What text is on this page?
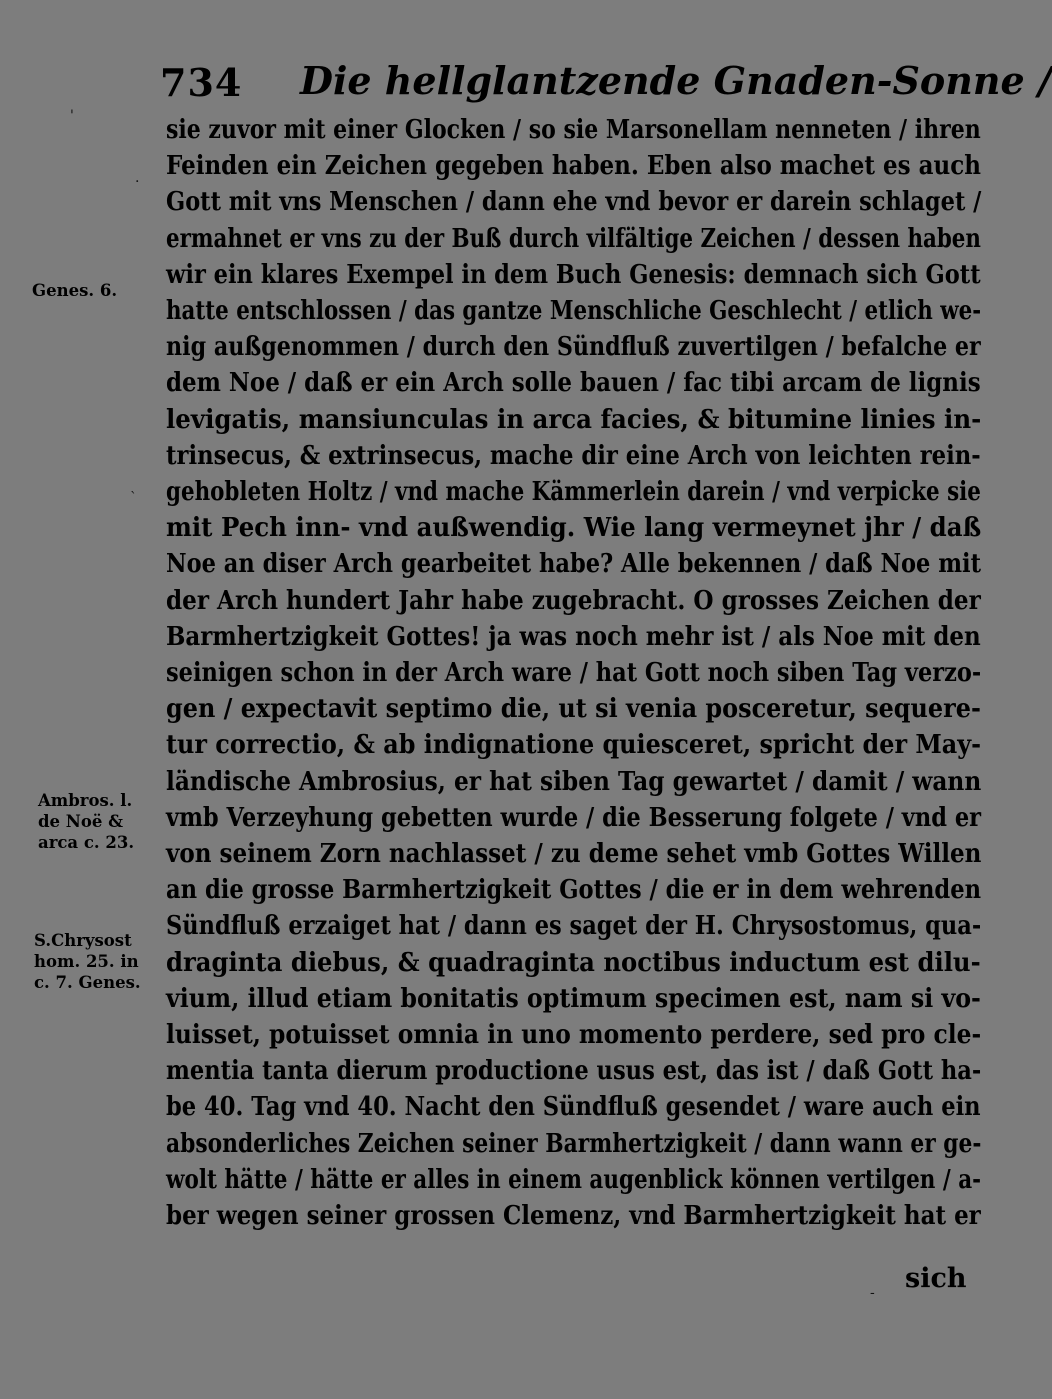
734 Die hellglantzende Gnaden-Sonne /
Genes. 6.
Ambros. l.
de Noë &
arca c. 23.
S.Chrysost
hom. 25. in
c. 7. Genes.
sie zuvor mit einer Glocken / so sie Marsonellam nenneten / ihren
Feinden ein Zeichen gegeben haben. Eben also machet es auch
Gott mit vns Menschen / dann ehe vnd bevor er darein schlaget /
ermahnet er vns zu der Buß durch vilfältige Zeichen / dessen haben
wir ein klares Exempel in dem Buch Genesis: demnach sich Gott
hatte entschlossen / das gantze Menschliche Geschlecht / etlich we-
nig außgenommen / durch den Sündfluß zuvertilgen / befalche er
dem Noe / daß er ein Arch solle bauen / fac tibi arcam de lignis
levigatis, mansiunculas in arca facies, & bitumine linies in-
trinsecus, & extrinsecus, mache dir eine Arch von leichten rein-
gehobleten Holtz / vnd mache Kämmerlein darein / vnd verpicke sie
mit Pech inn- vnd außwendig. Wie lang vermeynet jhr / daß
Noe an diser Arch gearbeitet habe? Alle bekennen / daß Noe mit
der Arch hundert Jahr habe zugebracht. O grosses Zeichen der
Barmhertzigkeit Gottes! ja was noch mehr ist / als Noe mit den
seinigen schon in der Arch ware / hat Gott noch siben Tag verzo-
gen / expectavit septimo die, ut si venia posceretur, sequere-
tur correctio, & ab indignatione quiesceret, spricht der May-
ländische Ambrosius, er hat siben Tag gewartet / damit / wann
vmb Verzeyhung gebetten wurde / die Besserung folgete / vnd er
von seinem Zorn nachlasset / zu deme sehet vmb Gottes Willen
an die grosse Barmhertzigkeit Gottes / die er in dem wehrenden
Sündfluß erzaiget hat / dann es saget der H. Chrysostomus, qua-
draginta diebus, & quadraginta noctibus inductum est dilu-
vium, illud etiam bonitatis optimum specimen est, nam si vo-
luisset, potuisset omnia in uno momento perdere, sed pro cle-
mentia tanta dierum productione usus est, das ist / daß Gott ha-
be 40. Tag vnd 40. Nacht den Sündfluß gesendet / ware auch ein
absonderliches Zeichen seiner Barmhertzigkeit / dann wann er ge-
wolt hätte / hätte er alles in einem augenblick können vertilgen / a-
ber wegen seiner grossen Clemenz, vnd Barmhertzigkeit hat er
sich
'
.
`
-
